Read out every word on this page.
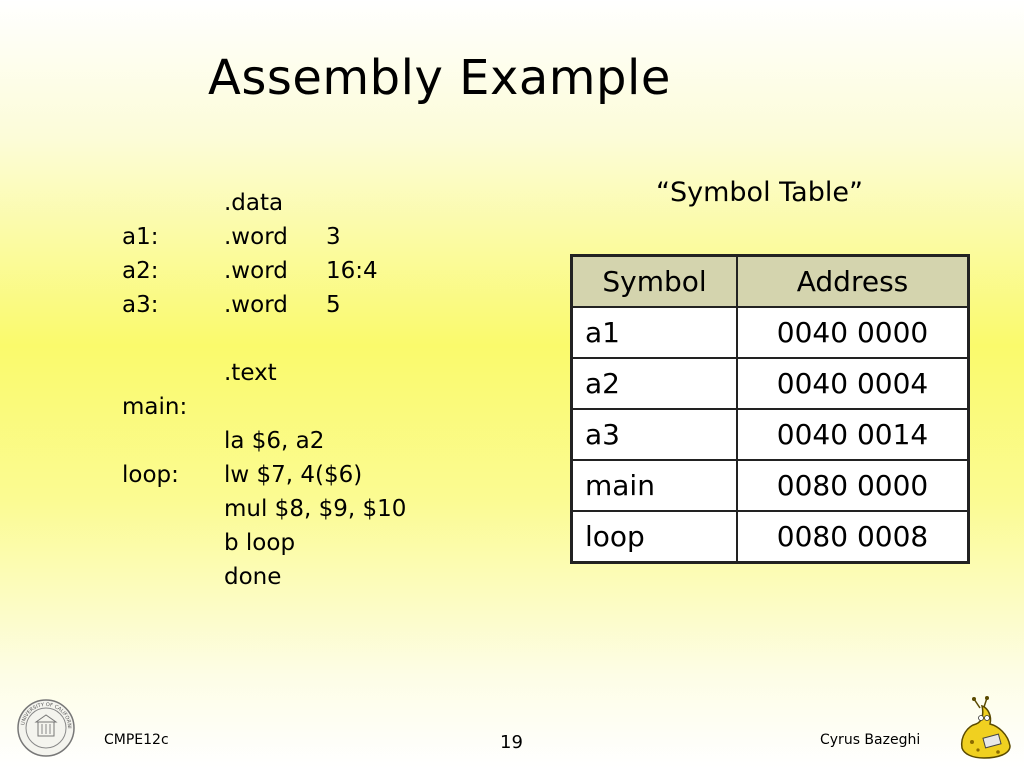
Assembly Example
.data
a1:	.word 3
a2:	.word 16:4
a3:	.word 5
.text
main:
la $6, a2
loop: lw $7, 4($6)
mul $8, $9, $10
b loop
done
“Symbol Table”
Symbol	Address
a1	0040 0000
a2	0040 0004
a3	0040 0014
main	0080 0000
loop	0080 0008
UNIVERSITY OF CALIFORNI
CMPE12c	19	Cyrus Bazeghi
